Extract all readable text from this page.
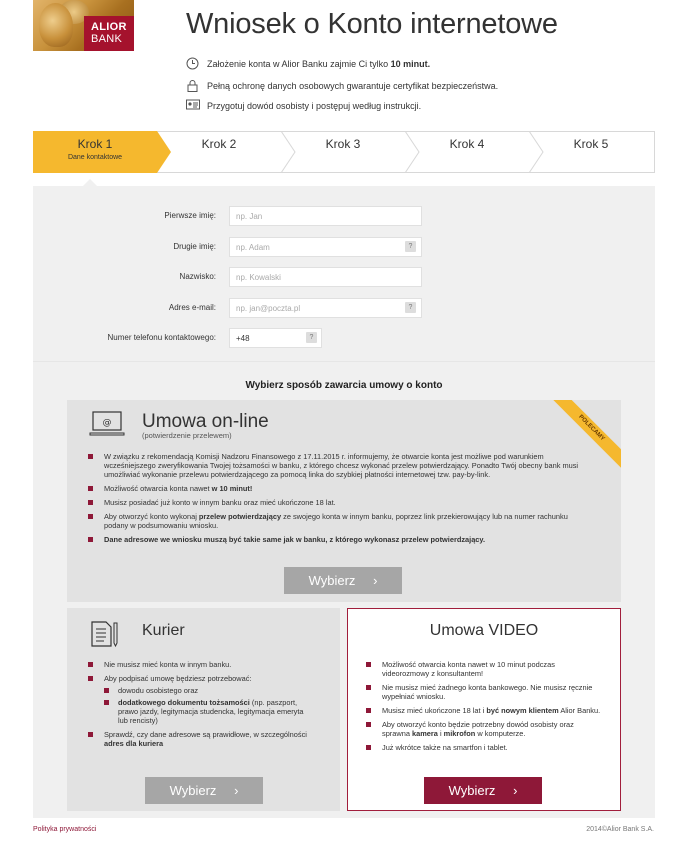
ALIOR
BANK	Wniosek o Konto internetowe
Założenie konta w Alior Banku zajmie Ci tylko
10 minut.
Pełną ochronę danych osobowych gwarantuje certyfikat bezpieczeństwa.
Przygotuj dowód osobisty i postępuj według instrukcji.
Krok 1
Dane kontaktowe
Krok 2	Krok 3	Krok 4	Krok 5
Pierwsze imię:	np. Jan
Drugie imię:	np. Adam	?
Nazwisko:	np. Kowalski
Adres e-mail:	np. jan@poczta.pl	?
Numer telefonu kontaktowego:	+48	?
Wybierz sposób zawarcia umowy o konto
POLECAMY
@ Umowa on-line
(potwierdzenie przelewem)
W związku z rekomendacją Komisji Nadzoru Finansowego z 17.11.2015 r. informujemy, że otwarcie konta jest możliwe pod warunkiem wcześniejszego zweryfikowania Twojej tożsamości w banku, z którego chcesz wykonać przelew potwierdzający. Ponadto Twój obecny bank musi umożliwiać wykonanie przelewu potwierdzającego za pomocą linka do szybkiej płatności internetowej tzw. pay-by-link.
Możliwość otwarcia konta nawet w 10 minut!
Musisz posiadać już konto w innym banku oraz mieć ukończone 18 lat.
Aby otworzyć konto wykonaj przelew potwierdzający ze swojego konta w innym banku, poprzez link przekierowujący lub na numer rachunku podany w podsumowaniu wniosku.
Dane adresowe we wniosku muszą być takie same jak w banku, z którego wykonasz przelew potwierdzający.
Wybierz ›
Kurier
Nie musisz mieć konta w innym banku.
Aby podpisać umowę będziesz potrzebować:
dowodu osobistego oraz
dodatkowego dokumentu tożsamości (np. paszport, prawo jazdy, legitymacja studencka, legitymacja emeryta lub rencisty)
Sprawdź, czy dane adresowe są prawidłowe, w szczególności adres dla kuriera
Wybierz ›
Umowa VIDEO
Możliwość otwarcia konta nawet w 10 minut podczas videorozmowy z konsultantem!
Nie musisz mieć żadnego konta bankowego. Nie musisz ręcznie wypełniać wniosku.
Musisz mieć ukończone 18 lat i być nowym klientem Alior Banku.
Aby otworzyć konto będzie potrzebny dowód osobisty oraz sprawna kamera i mikrofon w komputerze.
Już wkrótce także na smartfon i tablet.
Wybierz ›
Polityka prywatności	2014©Alior Bank S.A.
